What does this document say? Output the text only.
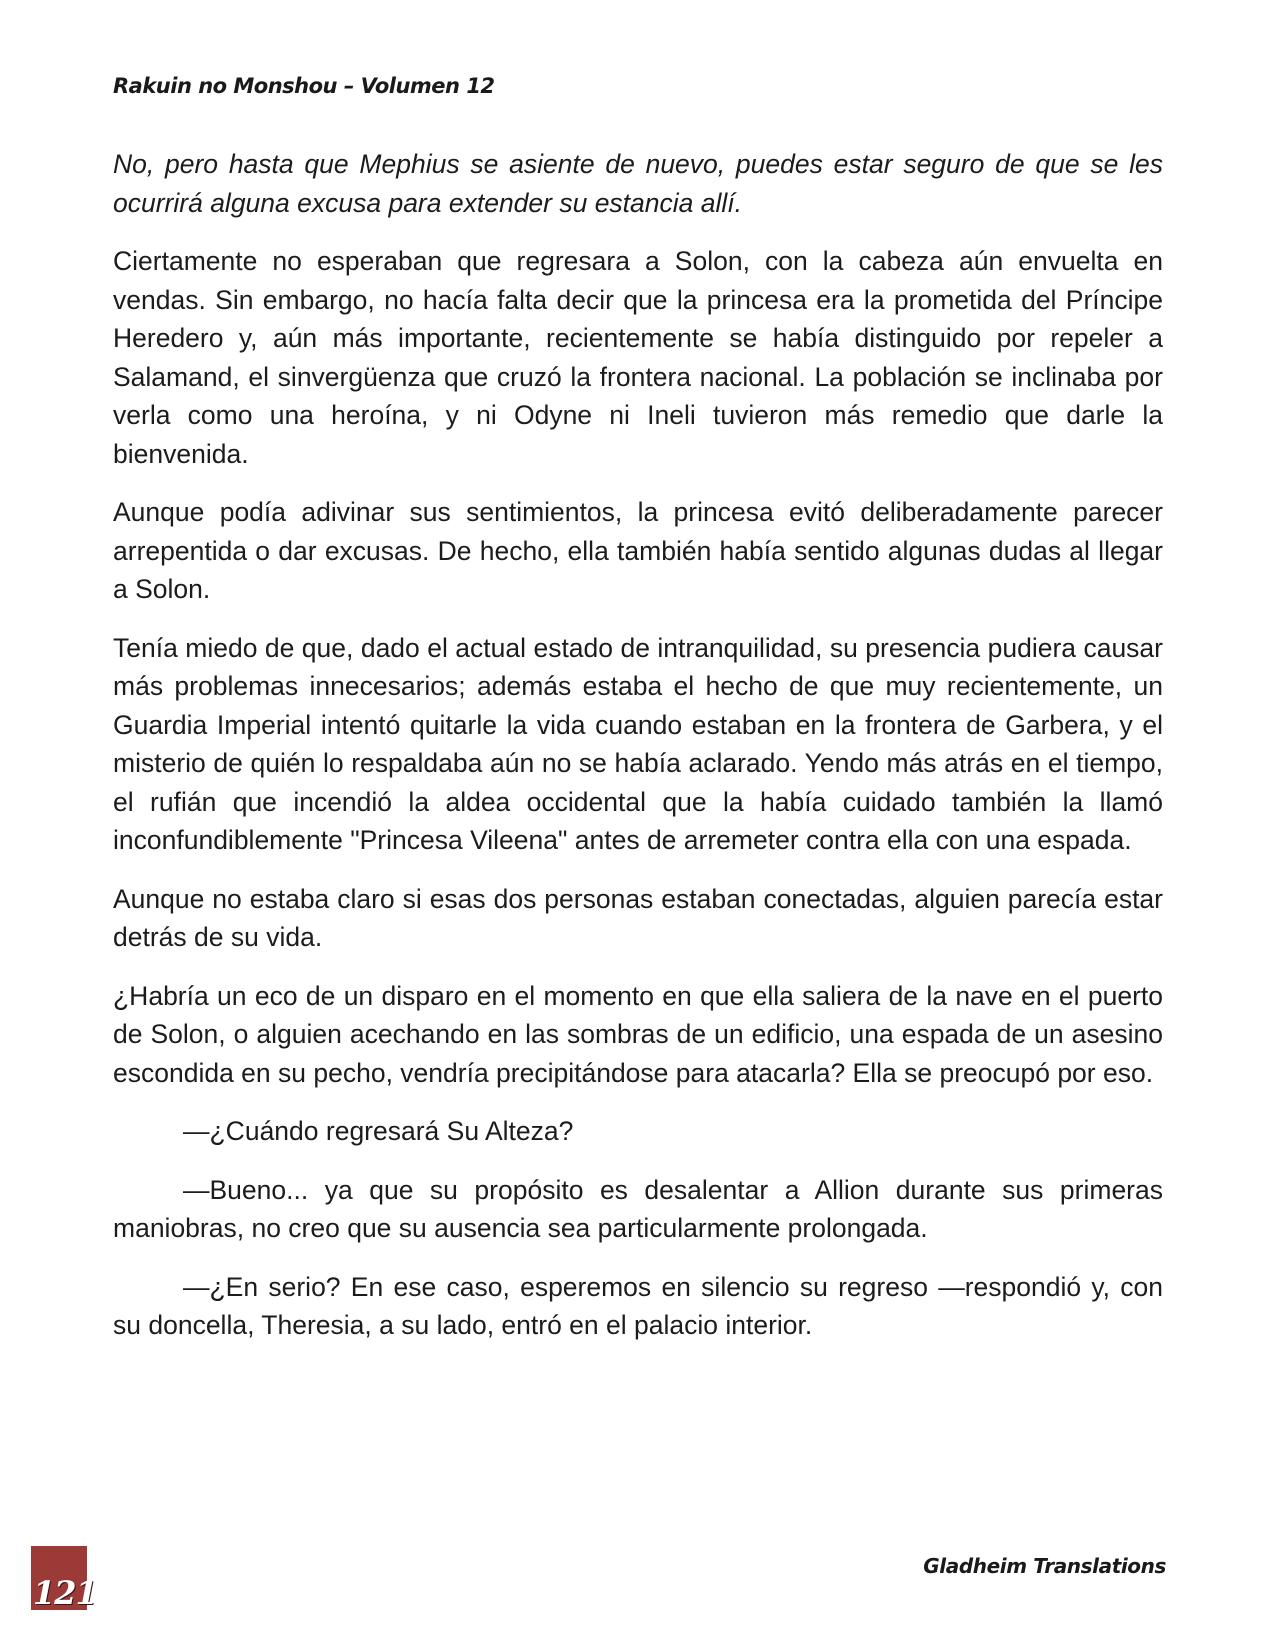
Rakuin no Monshou – Volumen 12

No, pero hasta que Mephius se asiente de nuevo, puedes estar seguro de que se les ocurrirá alguna excusa para extender su estancia allí.

Ciertamente no esperaban que regresara a Solon, con la cabeza aún envuelta en vendas. Sin embargo, no hacía falta decir que la princesa era la prometida del Príncipe Heredero y, aún más importante, recientemente se había distinguido por repeler a Salamand, el sinvergüenza que cruzó la frontera nacional. La población se inclinaba por verla como una heroína, y ni Odyne ni Ineli tuvieron más remedio que darle la bienvenida.

Aunque podía adivinar sus sentimientos, la princesa evitó deliberadamente parecer arrepentida o dar excusas. De hecho, ella también había sentido algunas dudas al llegar a Solon.

Tenía miedo de que, dado el actual estado de intranquilidad, su presencia pudiera causar más problemas innecesarios; además estaba el hecho de que muy recientemente, un Guardia Imperial intentó quitarle la vida cuando estaban en la frontera de Garbera, y el misterio de quién lo respaldaba aún no se había aclarado. Yendo más atrás en el tiempo, el rufián que incendió la aldea occidental que la había cuidado también la llamó inconfundiblemente "Princesa Vileena" antes de arremeter contra ella con una espada.

Aunque no estaba claro si esas dos personas estaban conectadas, alguien parecía estar detrás de su vida.

¿Habría un eco de un disparo en el momento en que ella saliera de la nave en el puerto de Solon, o alguien acechando en las sombras de un edificio, una espada de un asesino escondida en su pecho, vendría precipitándose para atacarla? Ella se preocupó por eso.

—¿Cuándo regresará Su Alteza?

—Bueno... ya que su propósito es desalentar a Allion durante sus primeras maniobras, no creo que su ausencia sea particularmente prolongada.

—¿En serio? En ese caso, esperemos en silencio su regreso —respondió y, con su doncella, Theresia, a su lado, entró en el palacio interior.

121
Gladheim Translations
